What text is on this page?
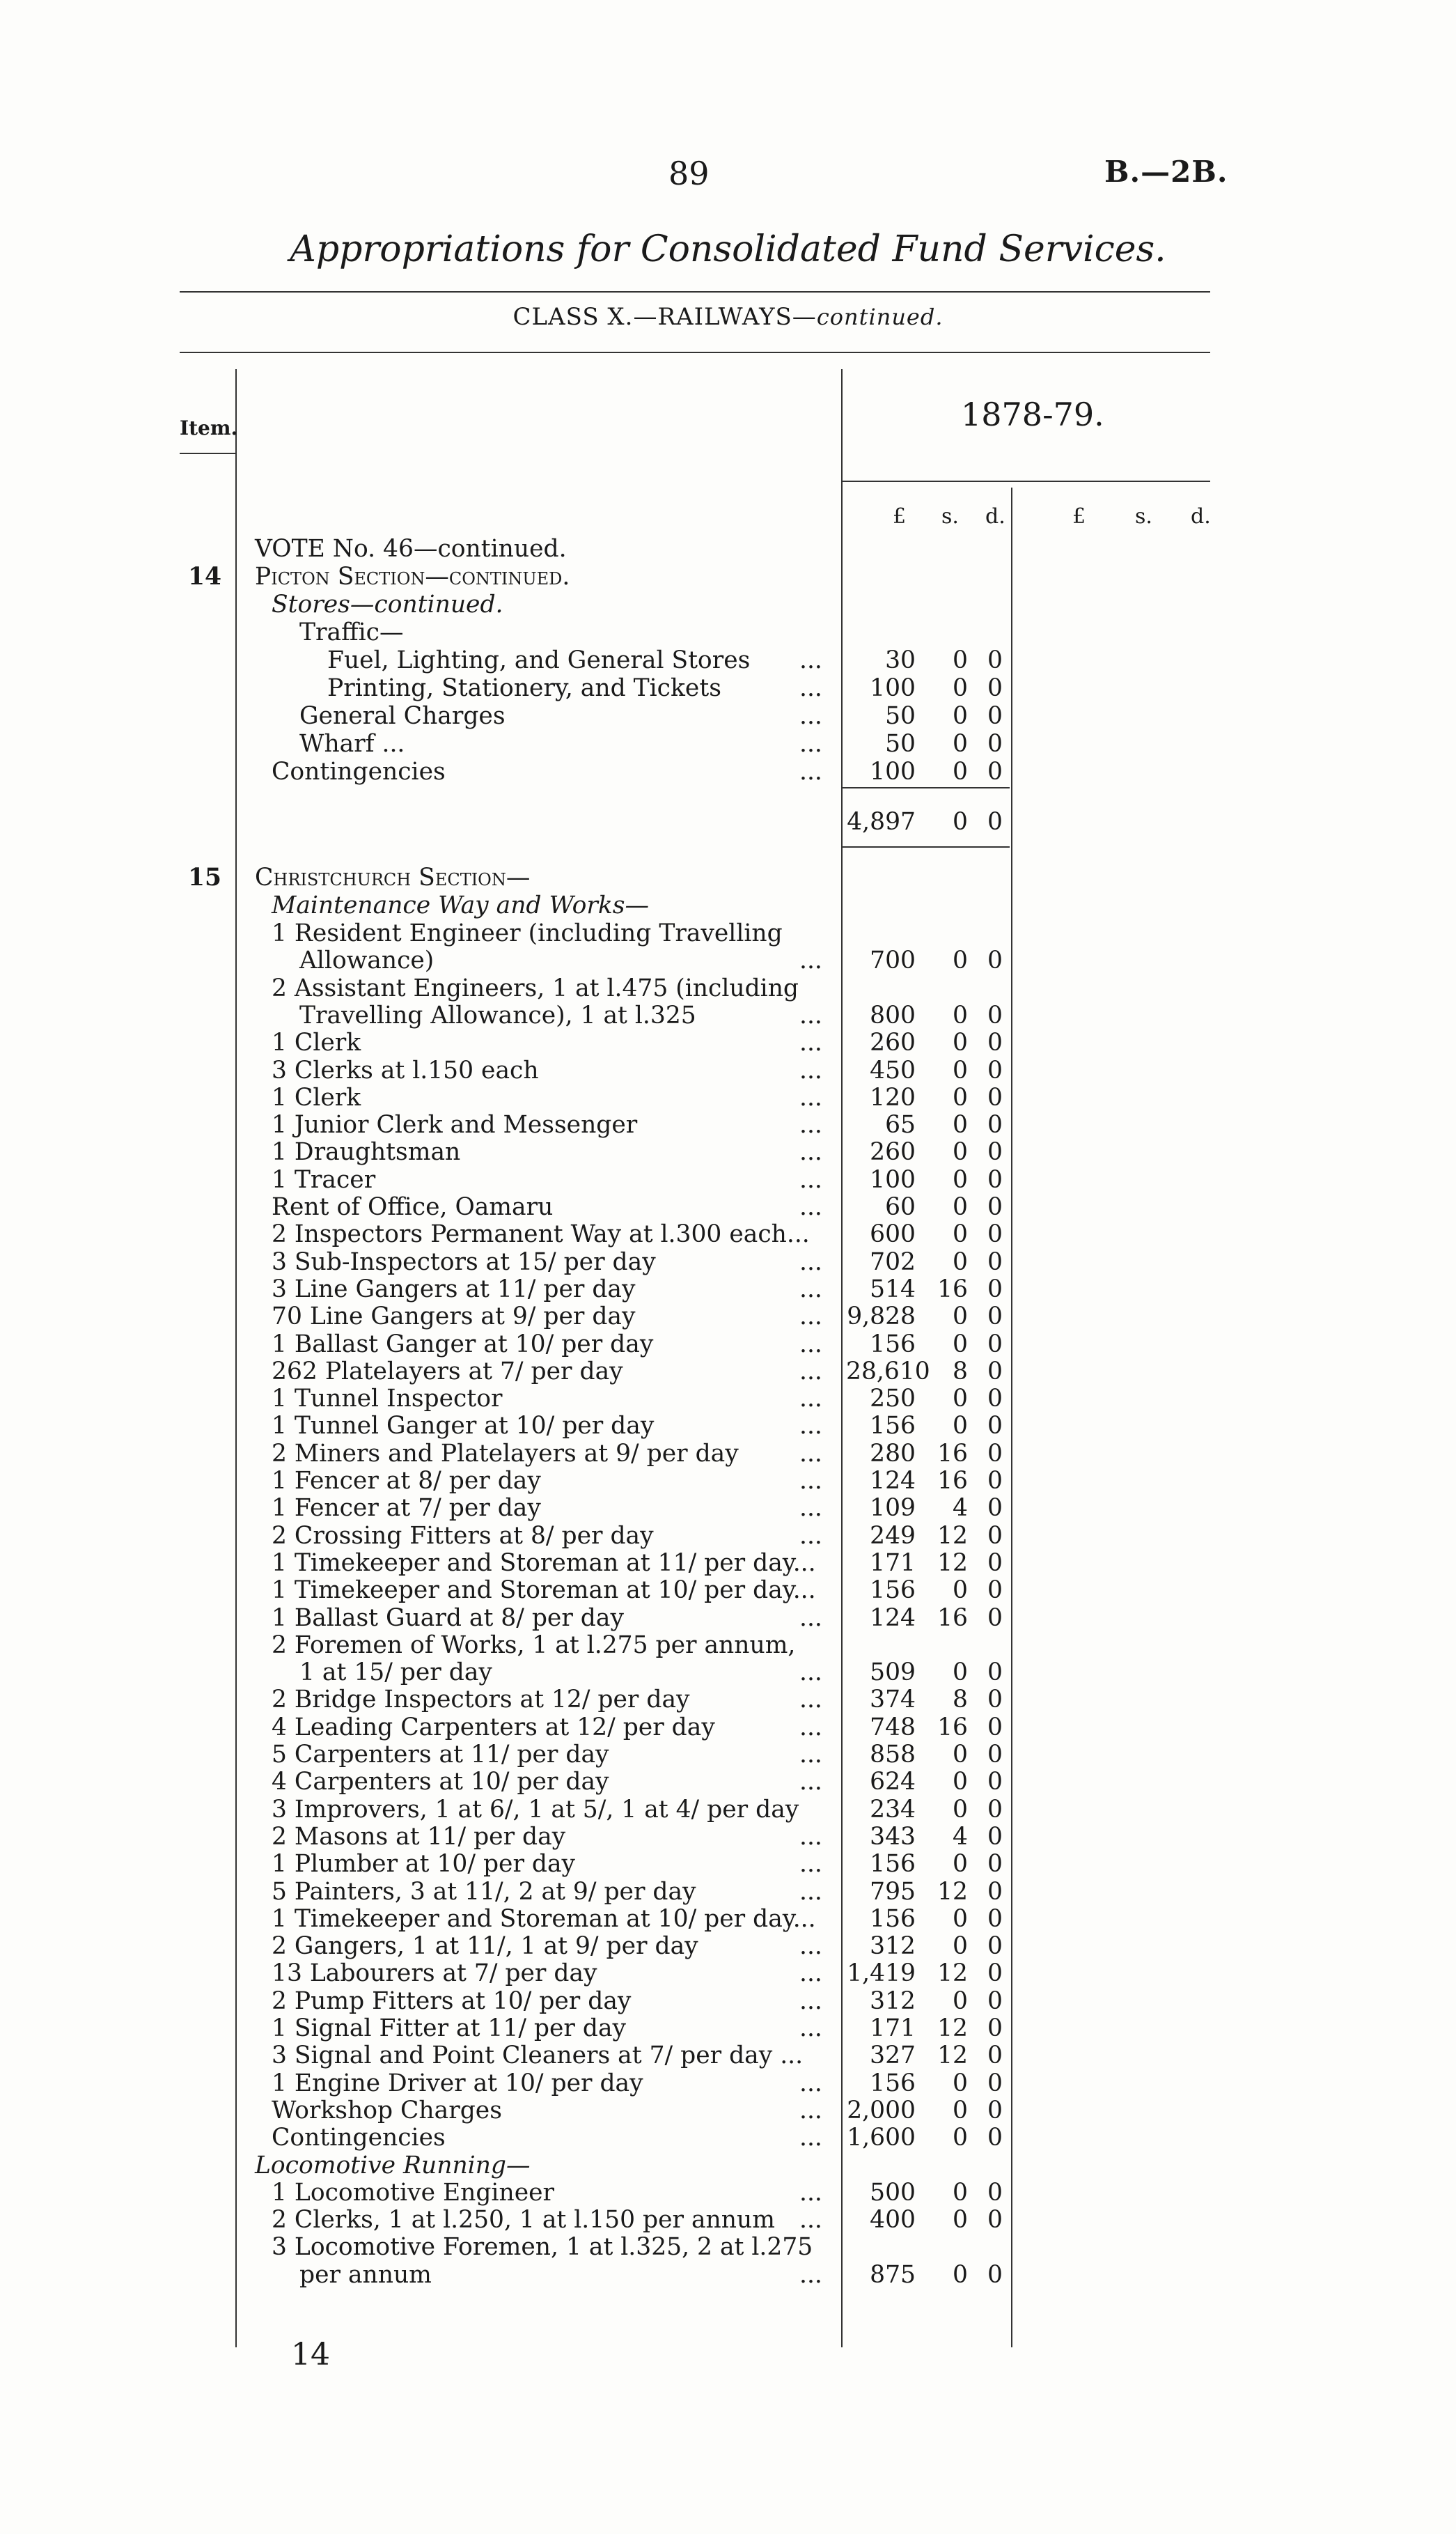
89	B.—2B.
Appropriations for Consolidated Fund Services.
CLASS X.—RAILWAYS—continued.
Item.	1878-79.
£ s. d.	£ s. d.
14
VOTE No. 46—continued.
Picton Section—continued.
Stores—continued.
Traffic—
Fuel, Lighting, and General Stores ...	30	0 0
Printing, Stationery, and Tickets	...	100	0 0
General Charges	...	50	0 0
Wharf ...	...	50	0 0
Contingencies	...	100	0 0
4,897	0 0
15 Christchurch Section—
Maintenance Way and Works—
1 Resident Engineer (including Travelling
Allowance)	...	700	0 0
2 Assistant Engineers, 1 at l.475 (including
Travelling Allowance), 1 at l.325	...	800	0 0
1 Clerk	...	260	0 0
3 Clerks at l.150 each	...	450	0 0
1 Clerk	...	120	0 0
1 Junior Clerk and Messenger	...	65	0 0
1 Draughtsman	...	260	0 0
1 Tracer	...	100	0 0
Rent of Office, Oamaru	...	60	0 0
2 Inspectors Permanent Way at l.300 each...	600	0 0
3 Sub-Inspectors at 15/ per day	...	702	0 0
3 Line Gangers at 11/ per day	...	514 16 0
70 Line Gangers at 9/ per day	... 9,828	0 0
1 Ballast Ganger at 10/ per day	...	156	0 0
262 Platelayers at 7/ per day	... 28,610 8 0
1 Tunnel Inspector	...	250	0 0
1 Tunnel Ganger at 10/ per day	...	156	0 0
2 Miners and Platelayers at 9/ per day	...	280 16 0
1 Fencer at 8/ per day	...	124 16 0
1 Fencer at 7/ per day	...	109	4 0
2 Crossing Fitters at 8/ per day	...	249 12 0
1 Timekeeper and Storeman at 11/ per day...	171 12 0
1 Timekeeper and Storeman at 10/ per day...	156	0 0
1 Ballast Guard at 8/ per day	...	124 16 0
2 Foremen of Works, 1 at l.275 per annum,
1 at 15/ per day	...	509	0 0
2 Bridge Inspectors at 12/ per day	...	374	8 0
4 Leading Carpenters at 12/ per day	...	748 16 0
5 Carpenters at 11/ per day	...	858	0 0
4 Carpenters at 10/ per day	...	624	0 0
3 Improvers, 1 at 6/, 1 at 5/, 1 at 4/ per day	234	0 0
2 Masons at 11/ per day	...	343	4 0
1 Plumber at 10/ per day	...	156	0 0
5 Painters, 3 at 11/, 2 at 9/ per day	...	795 12 0
1 Timekeeper and Storeman at 10/ per day...	156	0 0
2 Gangers, 1 at 11/, 1 at 9/ per day	...	312	0 0
13 Labourers at 7/ per day	... 1,419 12 0
2 Pump Fitters at 10/ per day	...	312	0 0
1 Signal Fitter at 11/ per day	...	171 12 0
3 Signal and Point Cleaners at 7/ per day ...	327 12 0
1 Engine Driver at 10/ per day	...	156	0 0
Workshop Charges	... 2,000	0 0
Contingencies	... 1,600	0 0
Locomotive Running—
1 Locomotive Engineer	...	500	0 0
2 Clerks, 1 at l.250, 1 at l.150 per annum ...	400	0 0
3 Locomotive Foremen, 1 at l.325, 2 at l.275
per annum	...	875	0 0
14
